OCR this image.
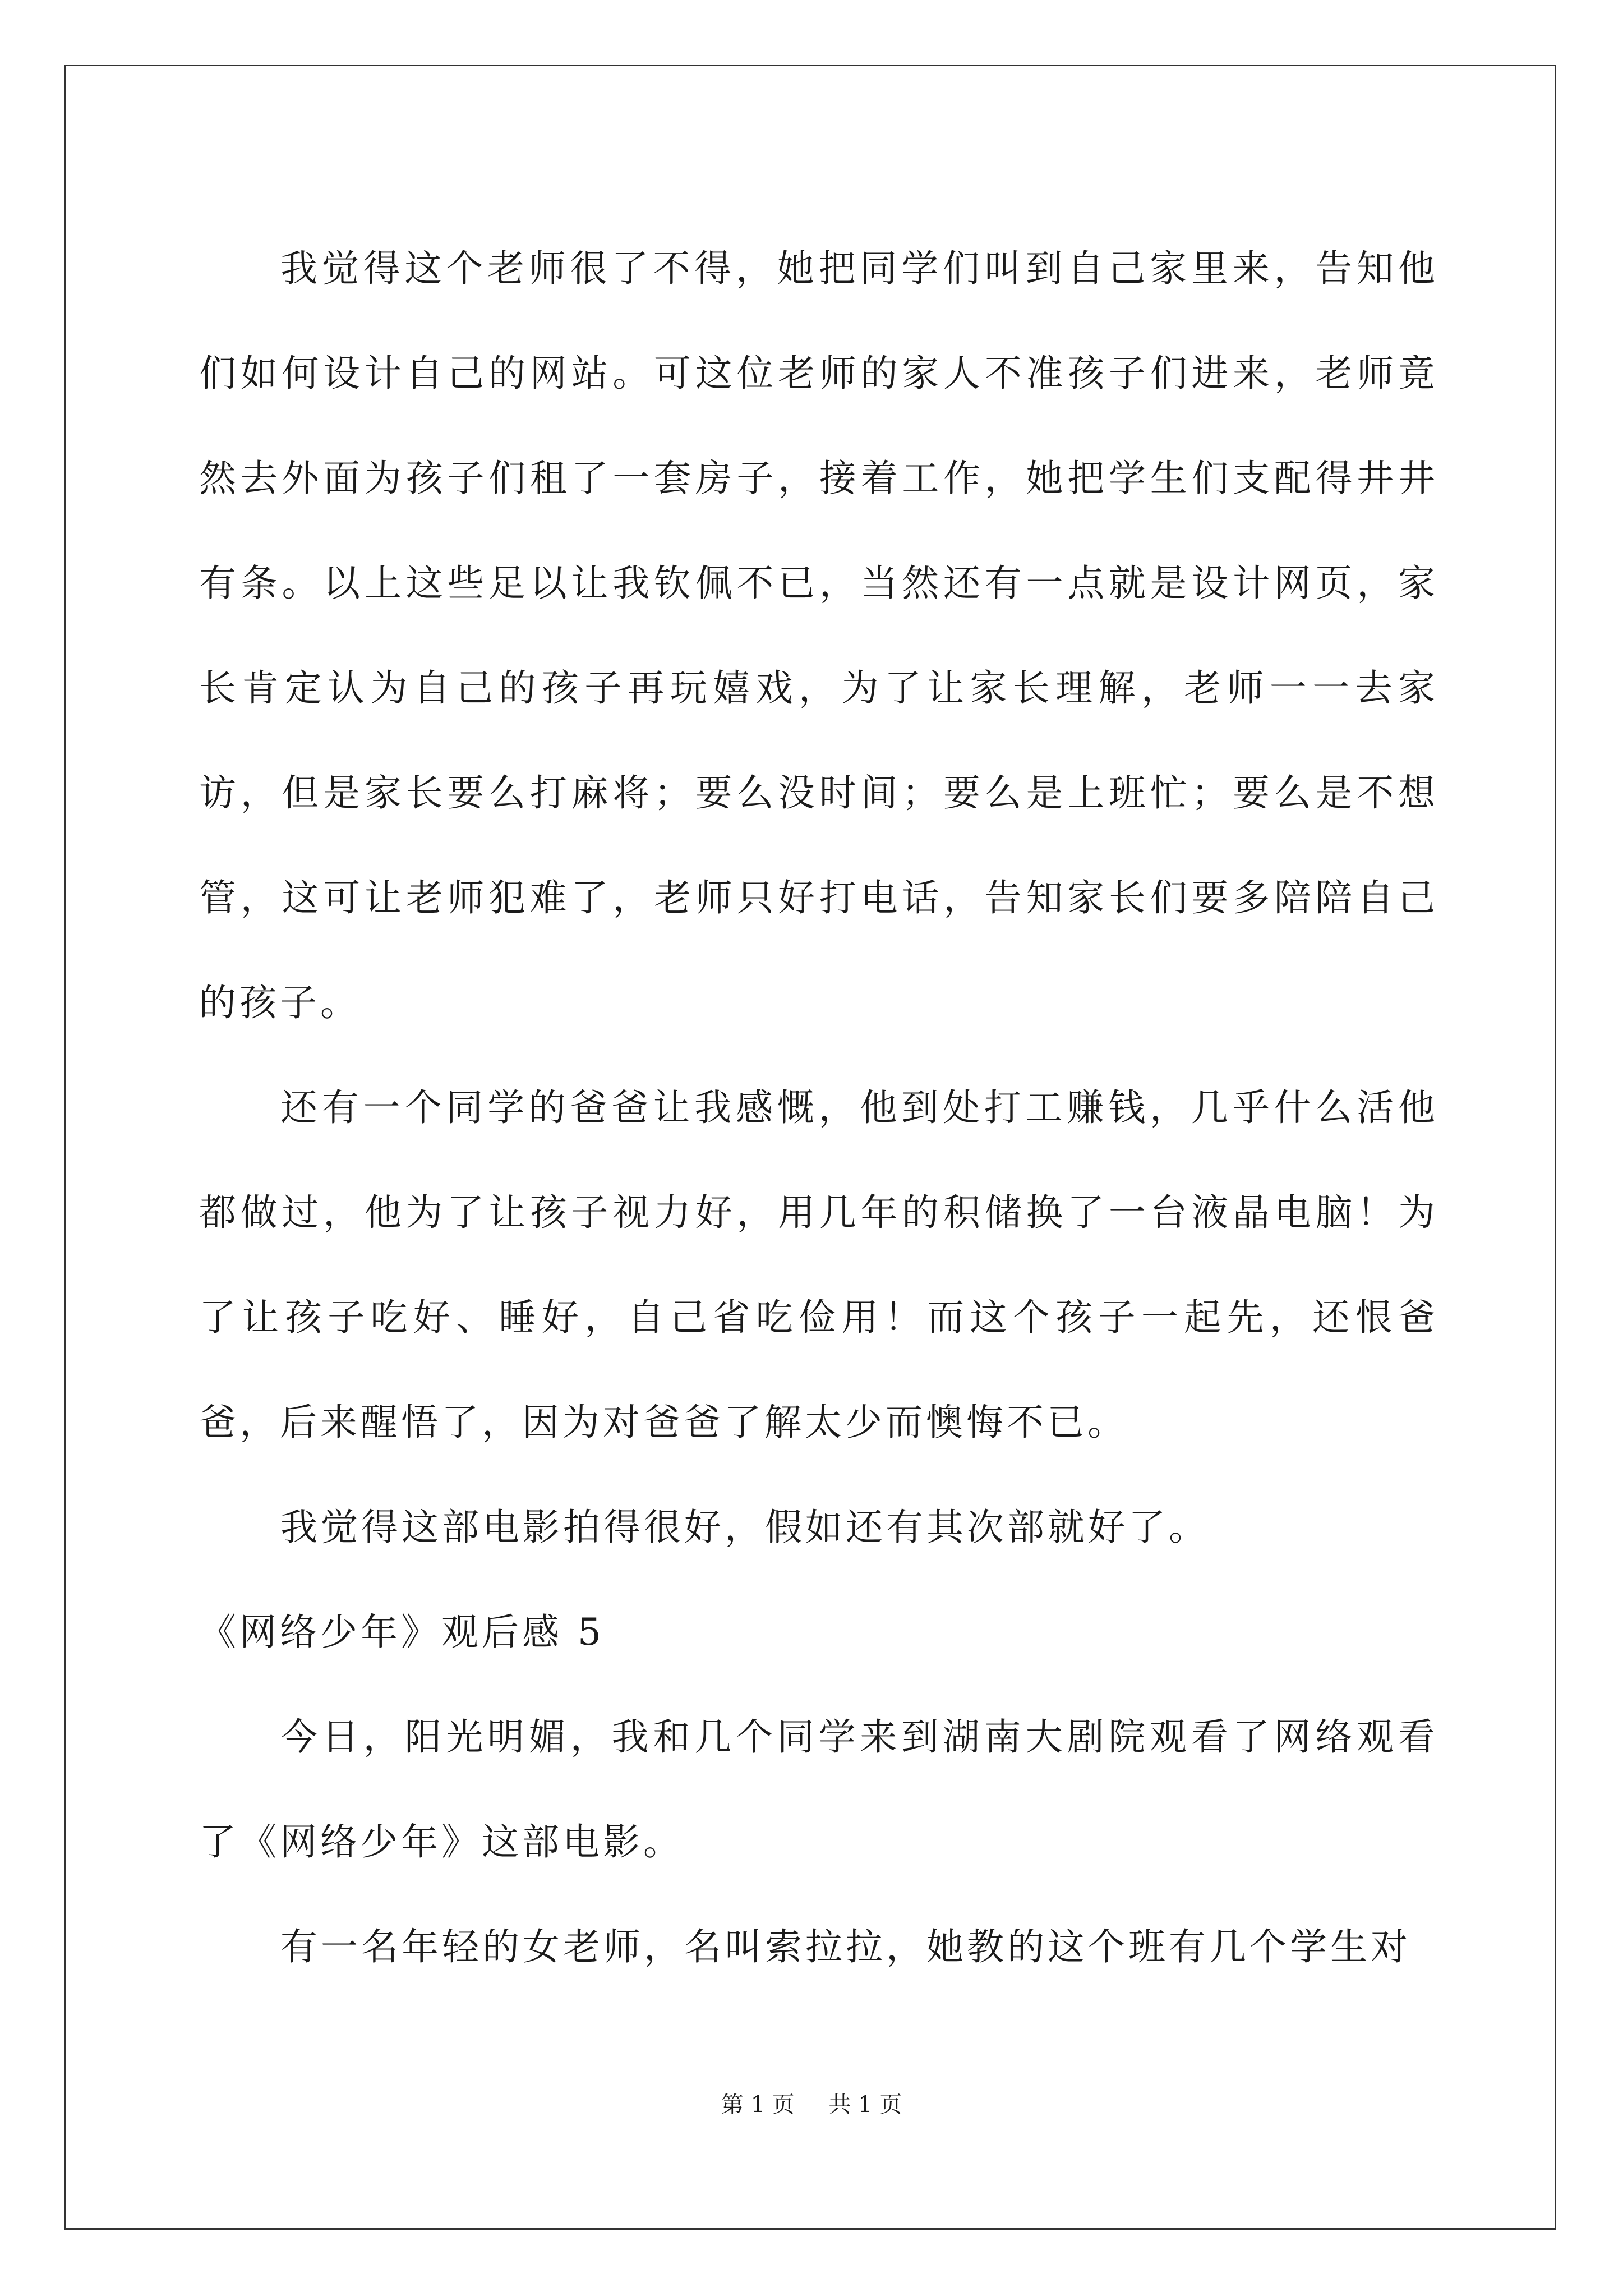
我觉得这个老师很了不得，她把同学们叫到自己家里来，告知他们如何设计自己的网站。可这位老师的家人不准孩子们进来，老师竟然去外面为孩子们租了一套房子，接着工作，她把学生们支配得井井有条。以上这些足以让我钦佩不已，当然还有一点就是设计网页，家长肯定认为自己的孩子再玩嬉戏，为了让家长理解，老师一一去家访，但是家长要么打麻将；要么没时间；要么是上班忙；要么是不想管，这可让老师犯难了，老师只好打电话，告知家长们要多陪陪自己的孩子。

还有一个同学的爸爸让我感慨，他到处打工赚钱，几乎什么活他都做过，他为了让孩子视力好，用几年的积储换了一台液晶电脑！为了让孩子吃好、睡好，自己省吃俭用！而这个孩子一起先，还恨爸爸，后来醒悟了，因为对爸爸了解太少而懊悔不已。

我觉得这部电影拍得很好，假如还有其次部就好了。

《网络少年》观后感 5

今日，阳光明媚，我和几个同学来到湖南大剧院观看了网络观看了《网络少年》这部电影。

有一名年轻的女老师，名叫索拉拉，她教的这个班有几个学生对

第 1 页 共 1 页
